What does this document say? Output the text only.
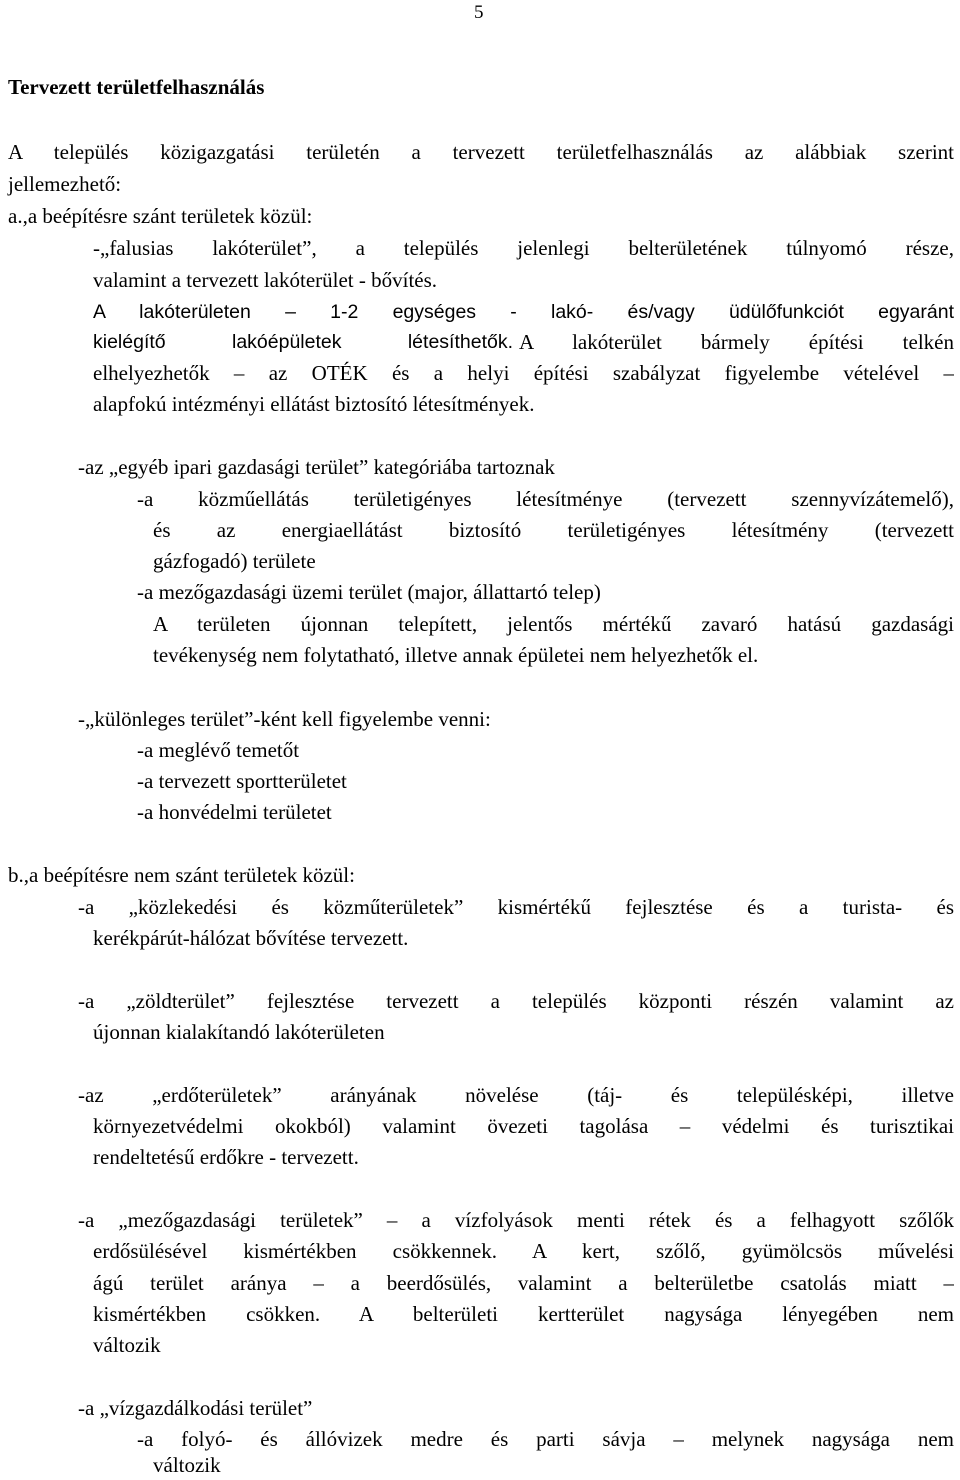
5
Tervezett területfelhasználás
A település közigazgatási területén a tervezett területfelhasználás az alábbiak szerint
jellemezhető:
a.,a beépítésre szánt területek közül:
-„falusias lakóterület”, a település jelenlegi belterületének túlnyomó része,
valamint a tervezett lakóterület - bővítés.
A lakóterületen – 1-2 egységes - lakó- és/vagy üdülőfunkciót egyaránt
kielégítő lakóépületek létesíthetők. A lakóterület bármely építési telkén
elhelyezhetők – az OTÉK és a helyi építési szabályzat figyelembe vételével –
alapfokú intézményi ellátást biztosító létesítmények.
-az „egyéb ipari gazdasági terület” kategóriába tartoznak
-a közműellátás területigényes létesítménye (tervezett szennyvízátemelő),
és az energiaellátást biztosító területigényes létesítmény (tervezett
gázfogadó) területe
-a mezőgazdasági üzemi terület (major, állattartó telep)
A területen újonnan telepített, jelentős mértékű zavaró hatású gazdasági
tevékenység nem folytatható, illetve annak épületei nem helyezhetők el.
-„különleges terület”-ként kell figyelembe venni:
-a meglévő temetőt
-a tervezett sportterületet
-a honvédelmi területet
b.,a beépítésre nem szánt területek közül:
-a „közlekedési és közműterületek” kismértékű fejlesztése és a turista- és
kerékpárút-hálózat bővítése tervezett.
-a „zöldterület” fejlesztése tervezett a település központi részén valamint az
újonnan kialakítandó lakóterületen
-az „erdőterületek” arányának növelése (táj- és településképi, illetve
környezetvédelmi okokból) valamint övezeti tagolása – védelmi és turisztikai
rendeltetésű erdőkre - tervezett.
-a „mezőgazdasági területek” – a vízfolyások menti rétek és a felhagyott szőlők
erdősülésével kismértékben csökkennek. A kert, szőlő, gyümölcsös művelési
ágú terület aránya – a beerdősülés, valamint a belterületbe csatolás miatt –
kismértékben csökken. A belterületi kertterület nagysága lényegében nem
változik
-a „vízgazdálkodási terület”
-a folyó- és állóvizek medre és parti sávja – melynek nagysága nem
változik
